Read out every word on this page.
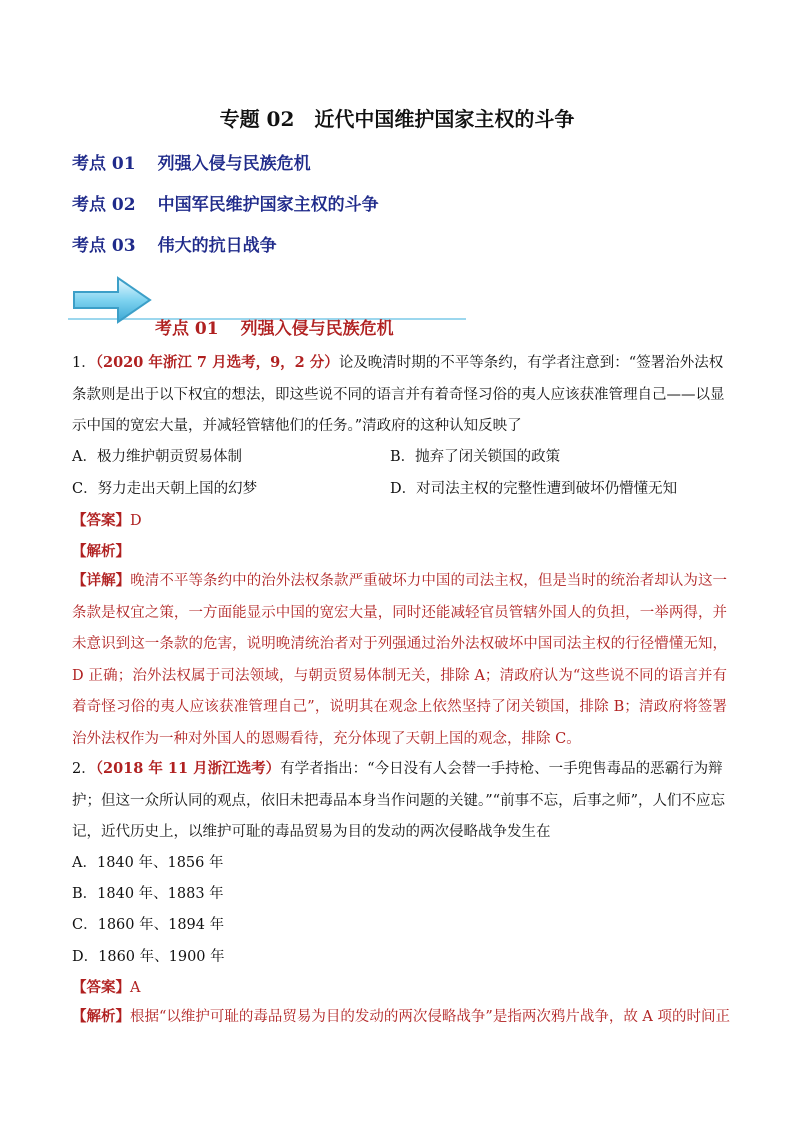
专题 02　近代中国维护国家主权的斗争
考点 01 列强入侵与民族危机
考点 02 中国军民维护国家主权的斗争
考点 03 伟大的抗日战争
考点 01 列强入侵与民族危机
1．（2020 年浙江 7 月选考，9，2 分）论及晚清时期的不平等条约，有学者注意到：“签署治外法权条款则是出于以下权宜的想法，即这些说不同的语言并有着奇怪习俗的夷人应该获准管理自己——以显示中国的宽宏大量，并减轻管辖他们的任务。”清政府的这种认知反映了
A．极力维护朝贡贸易体制	B．抛弃了闭关锁国的政策
C．努力走出天朝上国的幻梦	D．对司法主权的完整性遭到破坏仍懵懂无知
【答案】D
【解析】
【详解】晚清不平等条约中的治外法权条款严重破坏力中国的司法主权，但是当时的统治者却认为这一条款是权宜之策，一方面能显示中国的宽宏大量，同时还能减轻官员管辖外国人的负担，一举两得，并未意识到这一条款的危害，说明晚清统治者对于列强通过治外法权破坏中国司法主权的行径懵懂无知，D 正确；治外法权属于司法领域，与朝贡贸易体制无关，排除 A；清政府认为“这些说不同的语言并有着奇怪习俗的夷人应该获准管理自己”，说明其在观念上依然坚持了闭关锁国，排除 B；清政府将签署治外法权作为一种对外国人的恩赐看待，充分体现了天朝上国的观念，排除 C。
2．（2018 年 11 月浙江选考）有学者指出：“今日没有人会替一手持枪、一手兜售毒品的恶霸行为辩护；但这一众所认同的观点，依旧未把毒品本身当作问题的关键。”“前事不忘，后事之师”，人们不应忘记，近代历史上，以维护可耻的毒品贸易为目的发动的两次侵略战争发生在
A．1840 年、1856 年
B．1840 年、1883 年
C．1860 年、1894 年
D．1860 年、1900 年
【答案】A
【解析】根据“以维护可耻的毒品贸易为目的发动的两次侵略战争”是指两次鸦片战争，故 A 项的时间正
